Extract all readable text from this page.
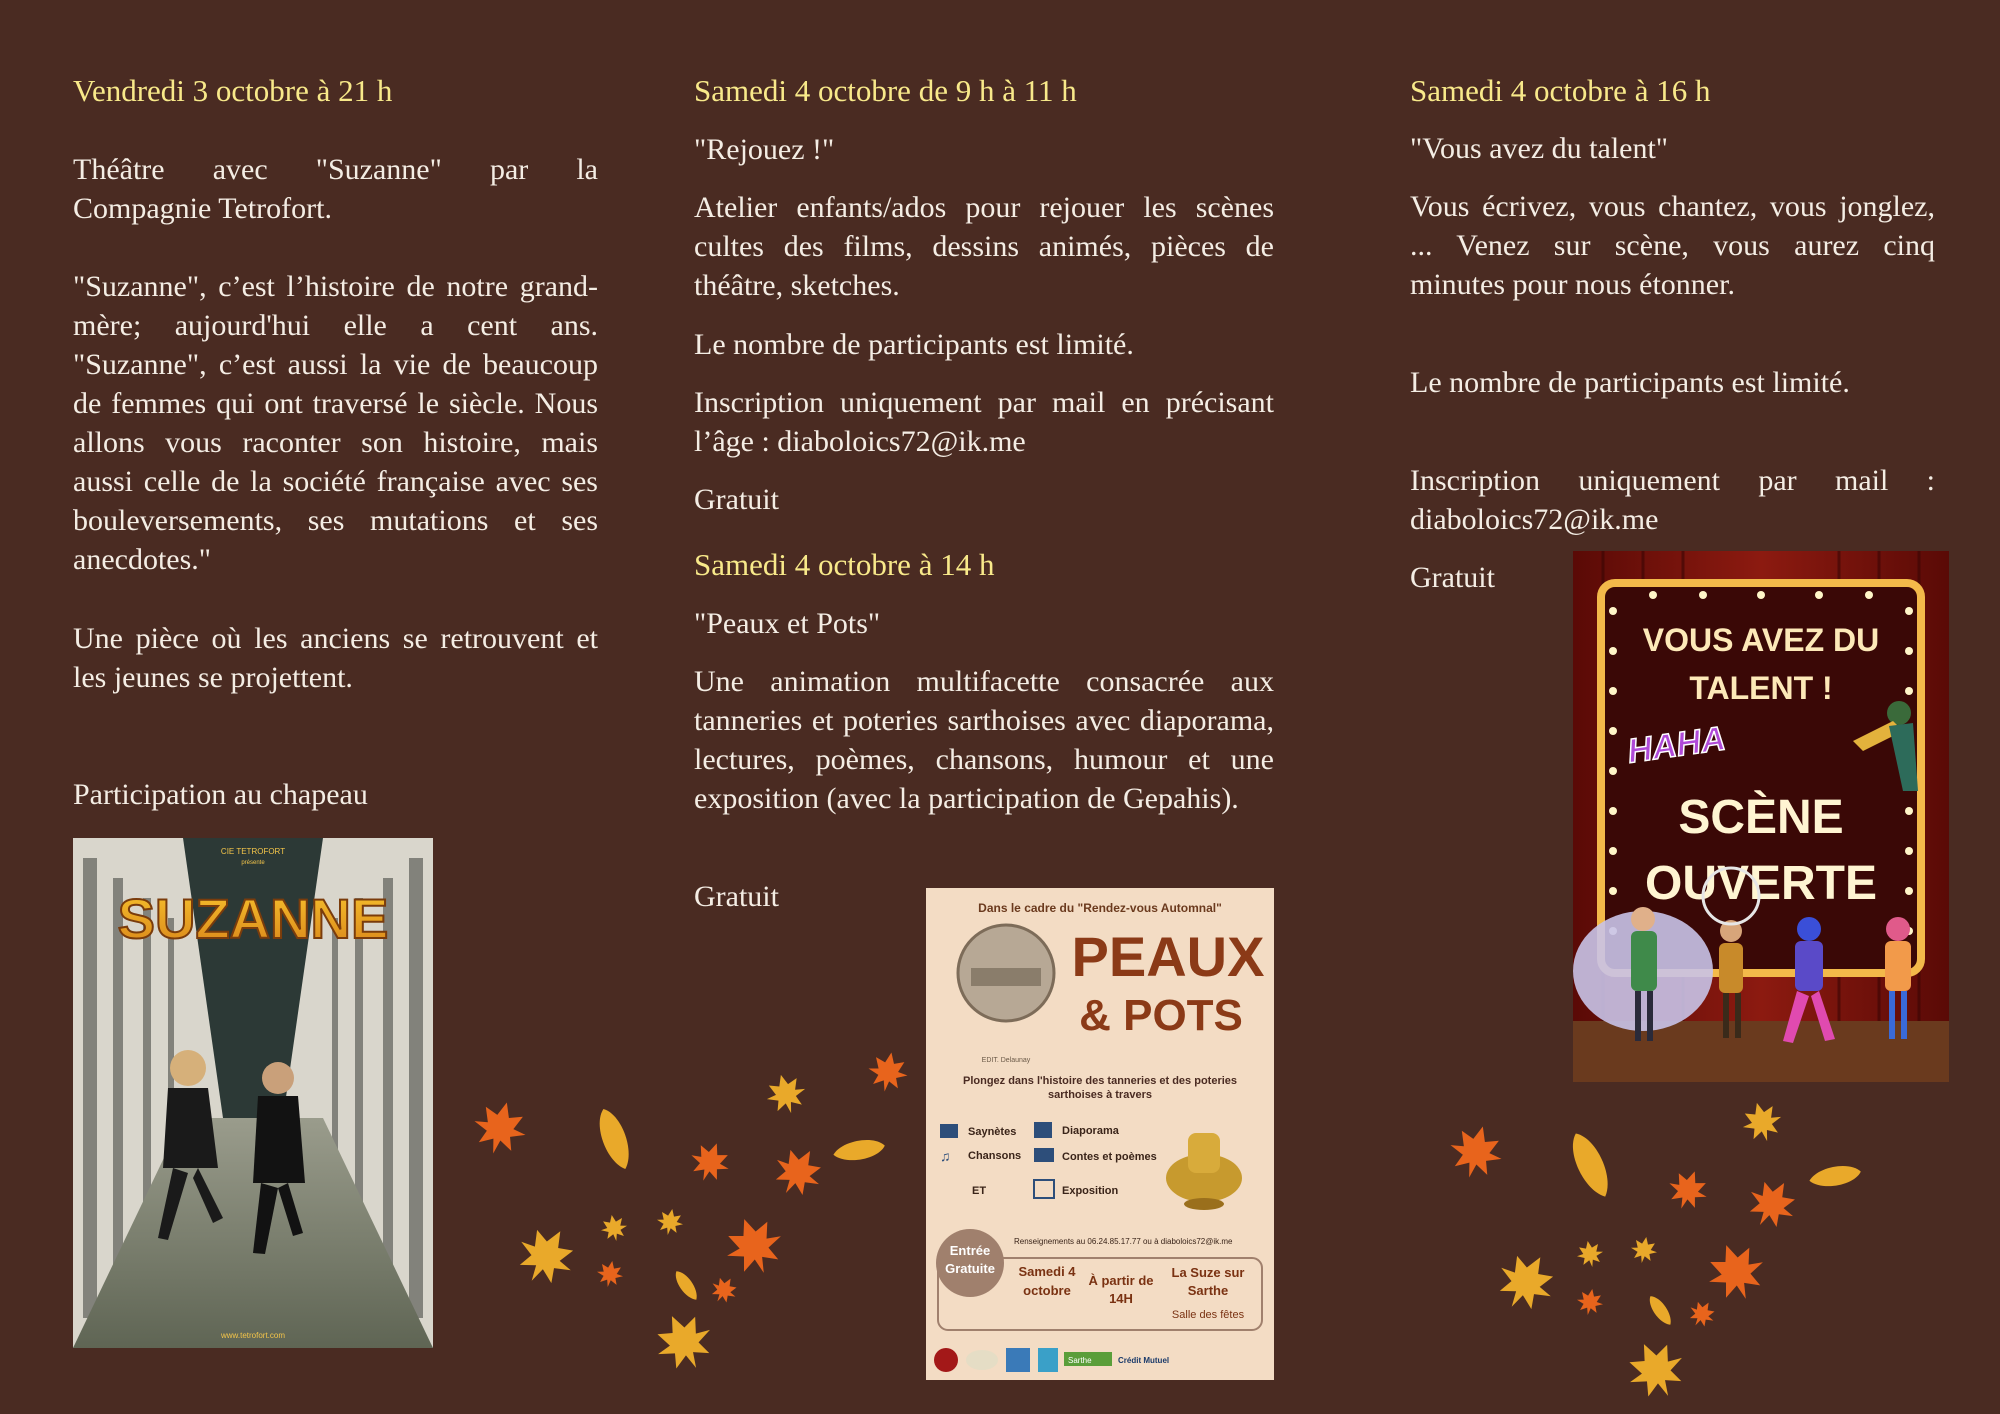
Vendredi 3 octobre à 21 h
Théâtre avec "Suzanne" par la
Compagnie Tetrofort.
"Suzanne", c’est l’histoire de notre grand-mère; aujourd'hui elle a cent ans. "Suzanne", c’est aussi la vie de beaucoup de femmes qui ont traversé le siècle. Nous allons vous raconter son histoire, mais aussi celle de la société française avec ses bouleversements, ses mutations et ses anecdotes."
Une pièce où les anciens se retrouvent et les jeunes se projettent.
Participation au chapeau
CIE TETROFORT
présente
SUZANNE
www.tetrofort.com
Samedi 4 octobre de 9 h à 11 h
"Rejouez !"
Atelier enfants/ados pour rejouer les scènes cultes des films, dessins animés, pièces de théâtre, sketches.
Le nombre de participants est limité.
Inscription uniquement par mail en précisant l’âge : diaboloics72@ik.me
Gratuit
Samedi 4 octobre à 14 h
"Peaux et Pots"
Une animation multifacette consacrée aux tanneries et poteries sarthoises avec diaporama, lectures, poèmes, chansons, humour et une exposition (avec la participation de Gepahis).
Gratuit	Dans le cadre du "Rendez-vous Automnal"
EDIT. Delaunay
PEAUX
& POTS
Plongez dans l'histoire des tanneries et des poteries sarthoises à travers
Saynètes	Diaporama
♫ Chansons	Contes et poèmes
ET	Exposition
Entrée Gratuite
Renseignements au 06.24.85.17.77 ou à diaboloics72@ik.me
Samedi 4 octobre
À partir de 14H
La Suze sur Sarthe
Salle des fêtes
Sarthe	Crédit Mutuel
Samedi 4 octobre à 16 h
"Vous avez du talent"
Vous écrivez, vous chantez, vous jonglez, ... Venez sur scène, vous aurez cinq minutes pour nous étonner.
Le nombre de participants est limité.
Inscription uniquement par mail : diaboloics72@ik.me
Gratuit
VOUS AVEZ DU
TALENT !
HAHA
SCÈNE
OUVERTE
